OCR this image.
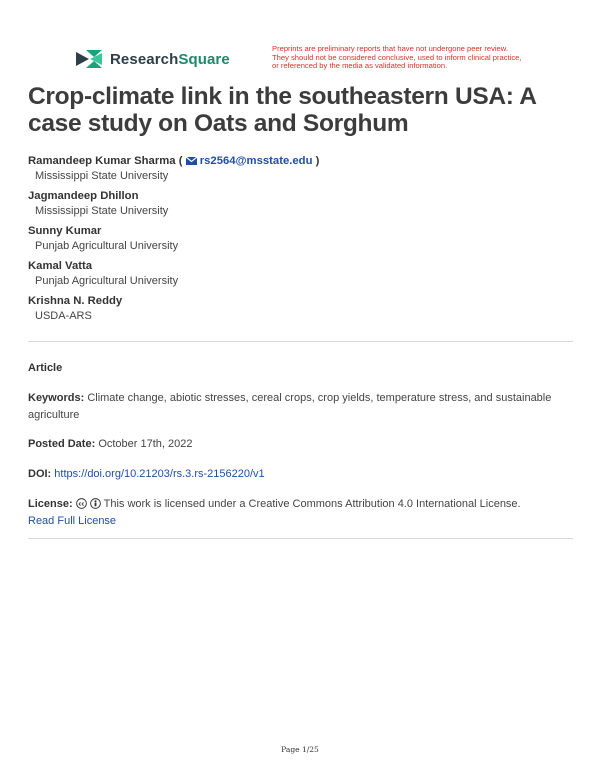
ResearchSquare
Preprints are preliminary reports that have not undergone peer review.
They should not be considered conclusive, used to inform clinical practice,
or referenced by the media as validated information.
Crop-climate link in the southeastern USA: A case study on Oats and Sorghum
Ramandeep Kumar Sharma (  rs2564@msstate.edu )
Mississippi State University
Jagmandeep Dhillon
Mississippi State University
Sunny Kumar
Punjab Agricultural University
Kamal Vatta
Punjab Agricultural University
Krishna N. Reddy
USDA-ARS
Article
Keywords: Climate change, abiotic stresses, cereal crops, crop yields, temperature stress, and sustainable agriculture
Posted Date: October 17th, 2022
DOI: https://doi.org/10.21203/rs.3.rs-2156220/v1
License: cc This work is licensed under a Creative Commons Attribution 4.0 International License.
Read Full License
Page 1/25
